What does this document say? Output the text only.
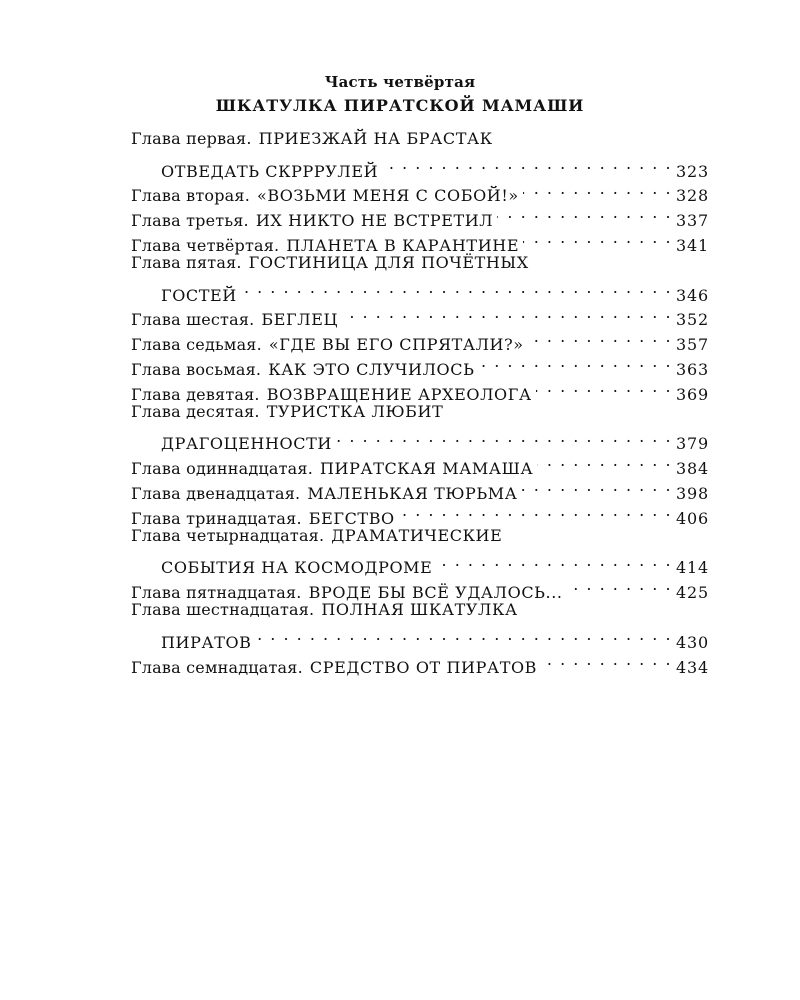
Часть четвёртая
ШКАТУЛКА ПИРАТСКОЙ МАМАШИ
Глава первая. ПРИЕЗЖАЙ НА БРАСТАК
ОТВЕДАТЬ СКРРРУЛЕЙ . . .	323
Глава вторая. «ВОЗЬМИ МЕНЯ С СОБОЙ!» . . .	328
Глава третья. ИХ НИКТО НЕ ВСТРЕТИЛ . . .	337
Глава четвёртая. ПЛАНЕТА В КАРАНТИНЕ . . .	341
Глава пятая. ГОСТИНИЦА ДЛЯ ПОЧЁТНЫХ
ГОСТЕЙ . . .	346
Глава шестая. БЕГЛЕЦ . . .	352
Глава седьмая. «ГДЕ ВЫ ЕГО СПРЯТАЛИ?» . . .	357
Глава восьмая. КАК ЭТО СЛУЧИЛОСЬ . . .	363
Глава девятая. ВОЗВРАЩЕНИЕ АРХЕОЛОГА . . .	369
Глава десятая. ТУРИСТКА ЛЮБИТ
ДРАГОЦЕННОСТИ . . .	379
Глава одиннадцатая. ПИРАТСКАЯ МАМАША . . .	384
Глава двенадцатая. МАЛЕНЬКАЯ ТЮРЬМА . . .	398
Глава тринадцатая. БЕГСТВО . . .	406
Глава четырнадцатая. ДРАМАТИЧЕСКИЕ
СОБЫТИЯ НА КОСМОДРОМЕ . . .	414
Глава пятнадцатая. ВРОДЕ БЫ ВСЁ УДАЛОСЬ... . . .	425
Глава шестнадцатая. ПОЛНАЯ ШКАТУЛКА
ПИРАТОВ . . .	430
Глава семнадцатая. СРЕДСТВО ОТ ПИРАТОВ . . .	434
